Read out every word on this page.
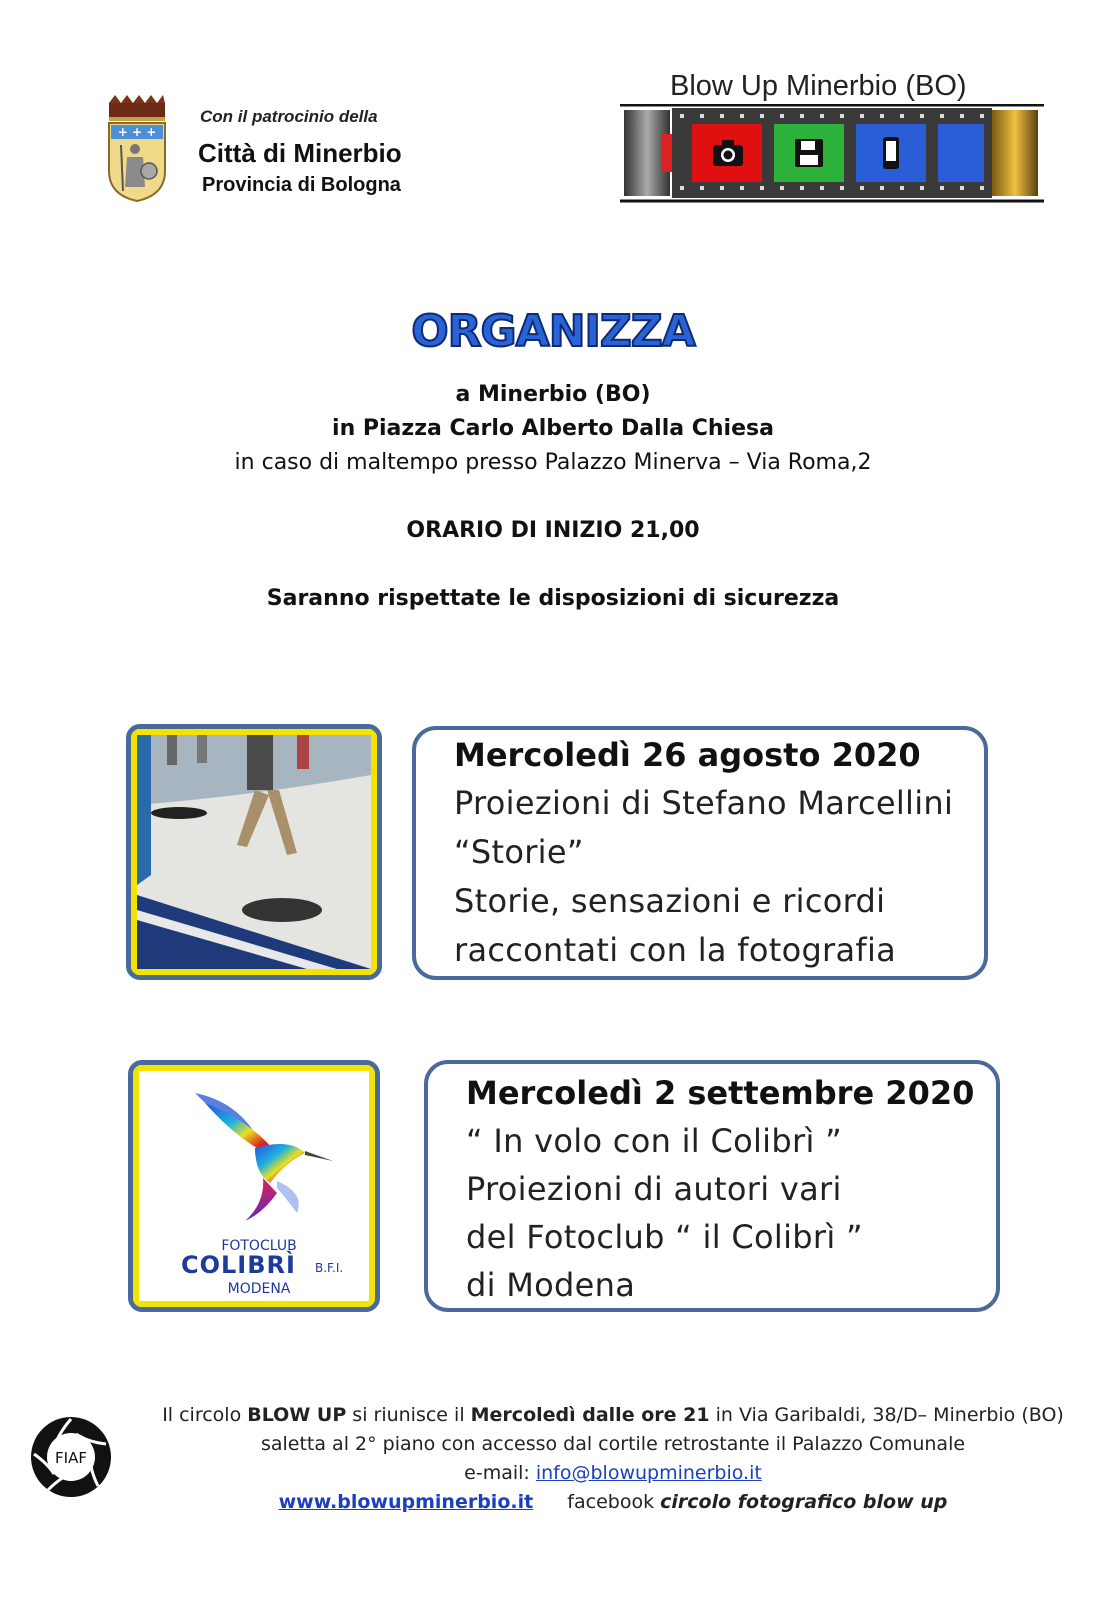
+ + +
Con il patrocinio della
Città di Minerbio
Provincia di Bologna
Blow Up Minerbio (BO)
ORGANIZZA
a Minerbio (BO)
in Piazza Carlo Alberto Dalla Chiesa
in caso di maltempo presso Palazzo Minerva – Via Roma,2
ORARIO DI INIZIO 21,00
Saranno rispettate le disposizioni di sicurezza
Mercoledì 26 agosto 2020
Proiezioni di Stefano Marcellini
“Storie”
Storie, sensazioni e ricordi
raccontati con la fotografia
FOTOCLUB
COLIBRÌ B.F.I.
MODENA
Mercoledì 2 settembre 2020
“ In volo con il Colibrì ”
Proiezioni di autori vari
del Fotoclub “ il Colibrì ”
di Modena
FIAF
Il circolo BLOW UP si riunisce il Mercoledì dalle ore 21 in Via Garibaldi, 38/D– Minerbio (BO)
saletta al 2° piano con accesso dal cortile retrostante il Palazzo Comunale
e-mail: info@blowupminerbio.it
www.blowupminerbio.it facebook circolo fotografico blow up
